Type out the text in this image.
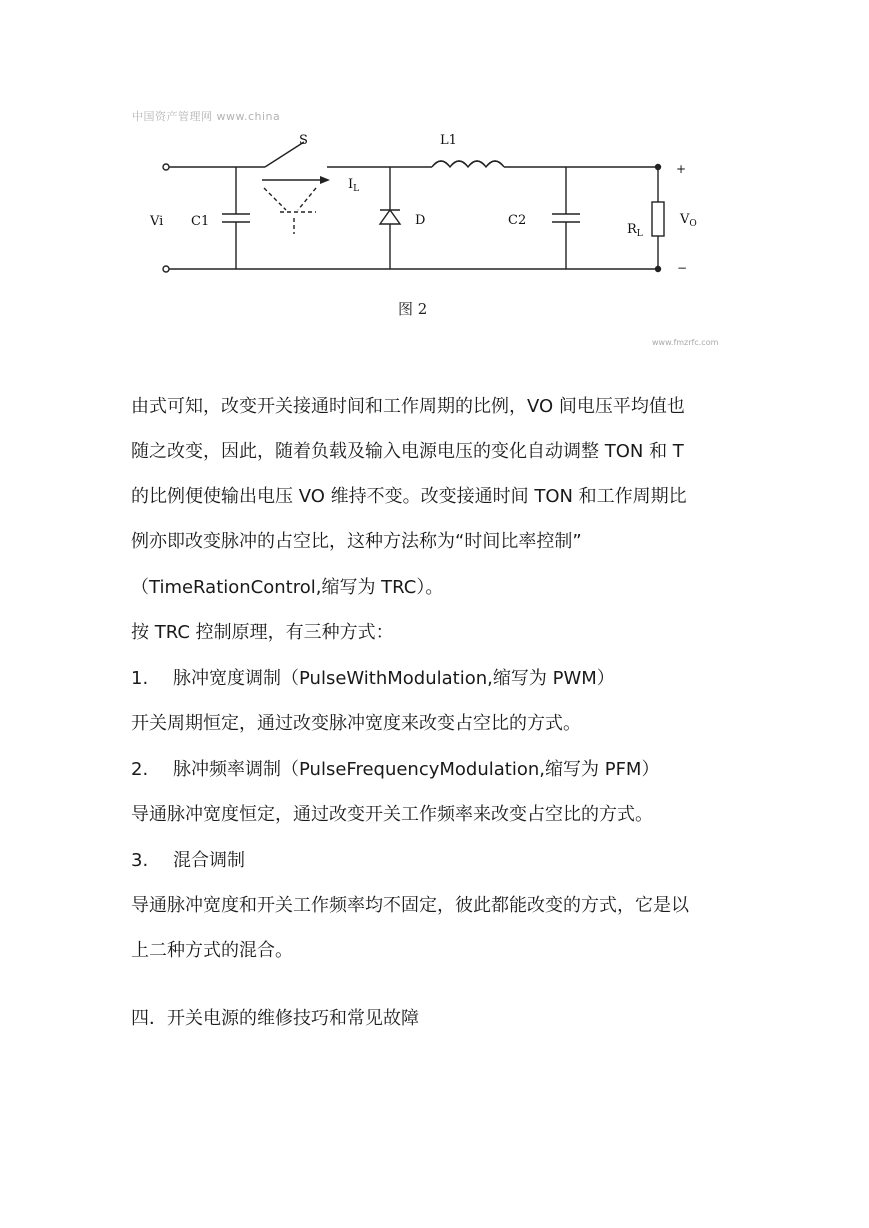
S	L1
$I_L$
Vi C1	D	C2
$R_L$
$V_O$
+
−
中国资产管理网 www.china
图 2
www.fmzrfc.com
由式可知，改变开关接通时间和工作周期的比例，VO 间电压平均值也
随之改变，因此，随着负载及输入电源电压的变化自动调整 TON 和 T
的比例便使输出电压 VO 维持不变。改变接通时间 TON 和工作周期比
例亦即改变脉冲的占空比，这种方法称为“时间比率控制”
（TimeRationControl,缩写为 TRC）。
按 TRC 控制原理，有三种方式：
1. 脉冲宽度调制（PulseWithModulation,缩写为 PWM）
开关周期恒定，通过改变脉冲宽度来改变占空比的方式。
2. 脉冲频率调制（PulseFrequencyModulation,缩写为 PFM）
导通脉冲宽度恒定，通过改变开关工作频率来改变占空比的方式。
3. 混合调制
导通脉冲宽度和开关工作频率均不固定，彼此都能改变的方式，它是以
上二种方式的混合。
四．开关电源的维修技巧和常见故障
